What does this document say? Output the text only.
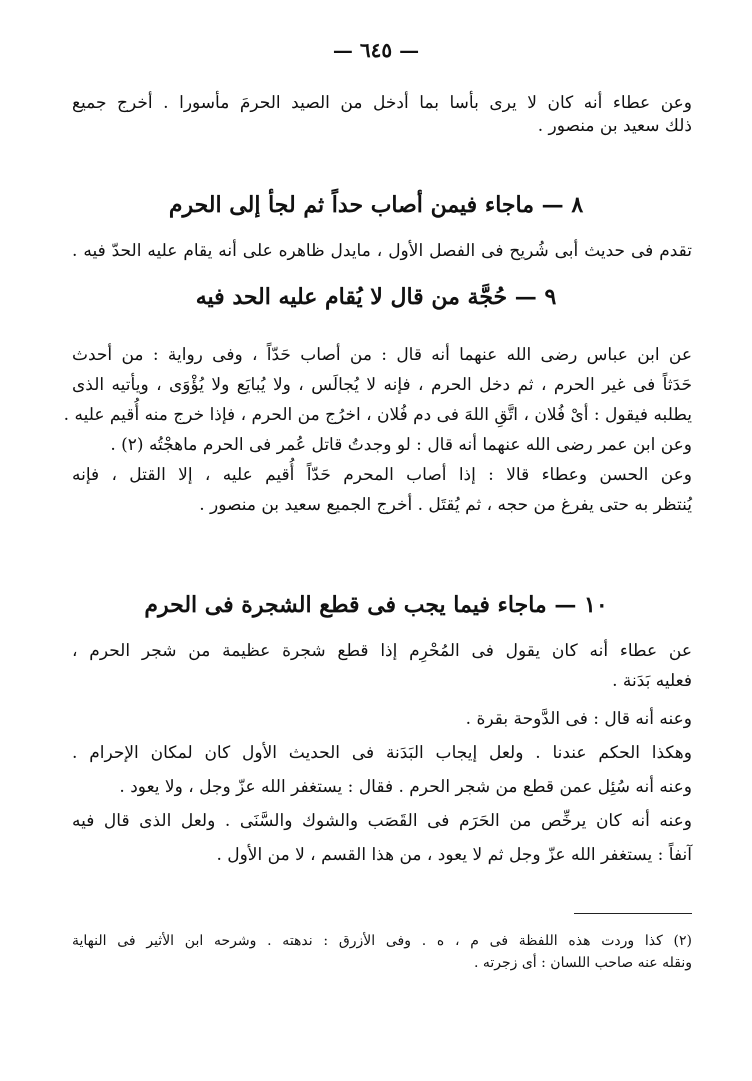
— ٦٤٥ —
وعن عطاء أنه كان لا يرى بأسا بما أدخل من الصيد الحرمَ مأسورا . أخرج جميع
ذلك سعيد بن منصور .
٨ — ماجاء فيمن أصاب حداً ثم لجأ إلى الحرم
تقدم فى حديث أبى شُريح فى الفصل الأول ، مايدل ظاهره على أنه يقام عليه الحدّ فيه .
٩ — حُجَّة من قال لا يُقام عليه الحد فيه
عن ابن عباس رضى الله عنهما أنه قال : من أصاب حَدّاً ، وفى رواية : من أحدث
حَدَثاً فى غير الحرم ، ثم دخل الحرم ، فإنه لا يُجالَس ، ولا يُبايَع ولا يُؤْوَى ، ويأتيه الذى
يطلبه فيقول : أىْ فُلان ، اتَّقِ اللهَ فى دم فُلان ، اخرُج من الحرم ، فإذا خرج منه أُقيم عليه .
وعن ابن عمر رضى الله عنهما أنه قال : لو وجدتُ قاتل عُمر فى الحرم ماهجْتُه (٢) .
وعن الحسن وعطاء قالا : إذا أصاب المحرم حَدّاً أُقيم عليه ، إلا القتل ، فإنه
يُنتظر به حتى يفرغ من حجه ، ثم يُقتَل . أخرج الجميع سعيد بن منصور .
١٠ — ماجاء فيما يجب فى قطع الشجرة فى الحرم
عن عطاء أنه كان يقول فى المُحْرِم إذا قطع شجرة عظيمة من شجر الحرم ،
فعليه بَدَنة .
وعنه أنه قال : فى الدَّوحة بقرة .
وهكذا الحكم عندنا . ولعل إيجاب البَدَنة فى الحديث الأول كان لمكان الإحرام .
وعنه أنه سُئِل عمن قطع من شجر الحرم . فقال : يستغفر الله عزّ وجل ، ولا يعود .
وعنه أنه كان يرخِّص من الحَرَم فى القَصَب والشوك والسَّنَى . ولعل الذى قال فيه
آنفاً : يستغفر الله عزّ وجل ثم لا يعود ، من هذا القسم ، لا من الأول .
(٢) كذا وردت هذه اللفظة فى م ، ه . وفى الأزرق : ندهته . وشرحه ابن الأثير فى النهاية
ونقله عنه صاحب اللسان : أى زجرته .
